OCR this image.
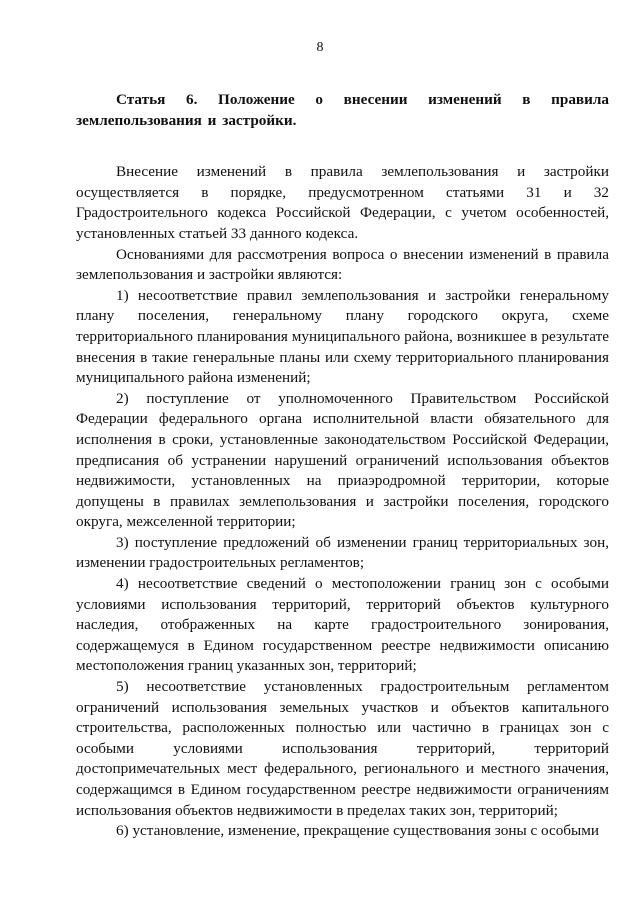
8

Статья 6. Положение о внесении изменений в правила землепользования и застройки.

Внесение изменений в правила землепользования и застройки осуществляется в порядке, предусмотренном статьями 31 и 32 Градостроительного кодекса Российской Федерации, с учетом особенностей, установленных статьей 33 данного кодекса.

Основаниями для рассмотрения вопроса о внесении изменений в правила землепользования и застройки являются:

1) несоответствие правил землепользования и застройки генеральному плану поселения, генеральному плану городского округа, схеме территориального планирования муниципального района, возникшее в результате внесения в такие генеральные планы или схему территориального планирования муниципального района изменений;

2) поступление от уполномоченного Правительством Российской Федерации федерального органа исполнительной власти обязательного для исполнения в сроки, установленные законодательством Российской Федерации, предписания об устранении нарушений ограничений использования объектов недвижимости, установленных на приаэродромной территории, которые допущены в правилах землепользования и застройки поселения, городского округа, межселенной территории;

3) поступление предложений об изменении границ территориальных зон, изменении градостроительных регламентов;

4) несоответствие сведений о местоположении границ зон с особыми условиями использования территорий, территорий объектов культурного наследия, отображенных на карте градостроительного зонирования, содержащемуся в Едином государственном реестре недвижимости описанию местоположения границ указанных зон, территорий;

5) несоответствие установленных градостроительным регламентом ограничений использования земельных участков и объектов капитального строительства, расположенных полностью или частично в границах зон с особыми условиями использования территорий, территорий достопримечательных мест федерального, регионального и местного значения, содержащимся в Едином государственном реестре недвижимости ограничениям использования объектов недвижимости в пределах таких зон, территорий;

6) установление, изменение, прекращение существования зоны с особыми
